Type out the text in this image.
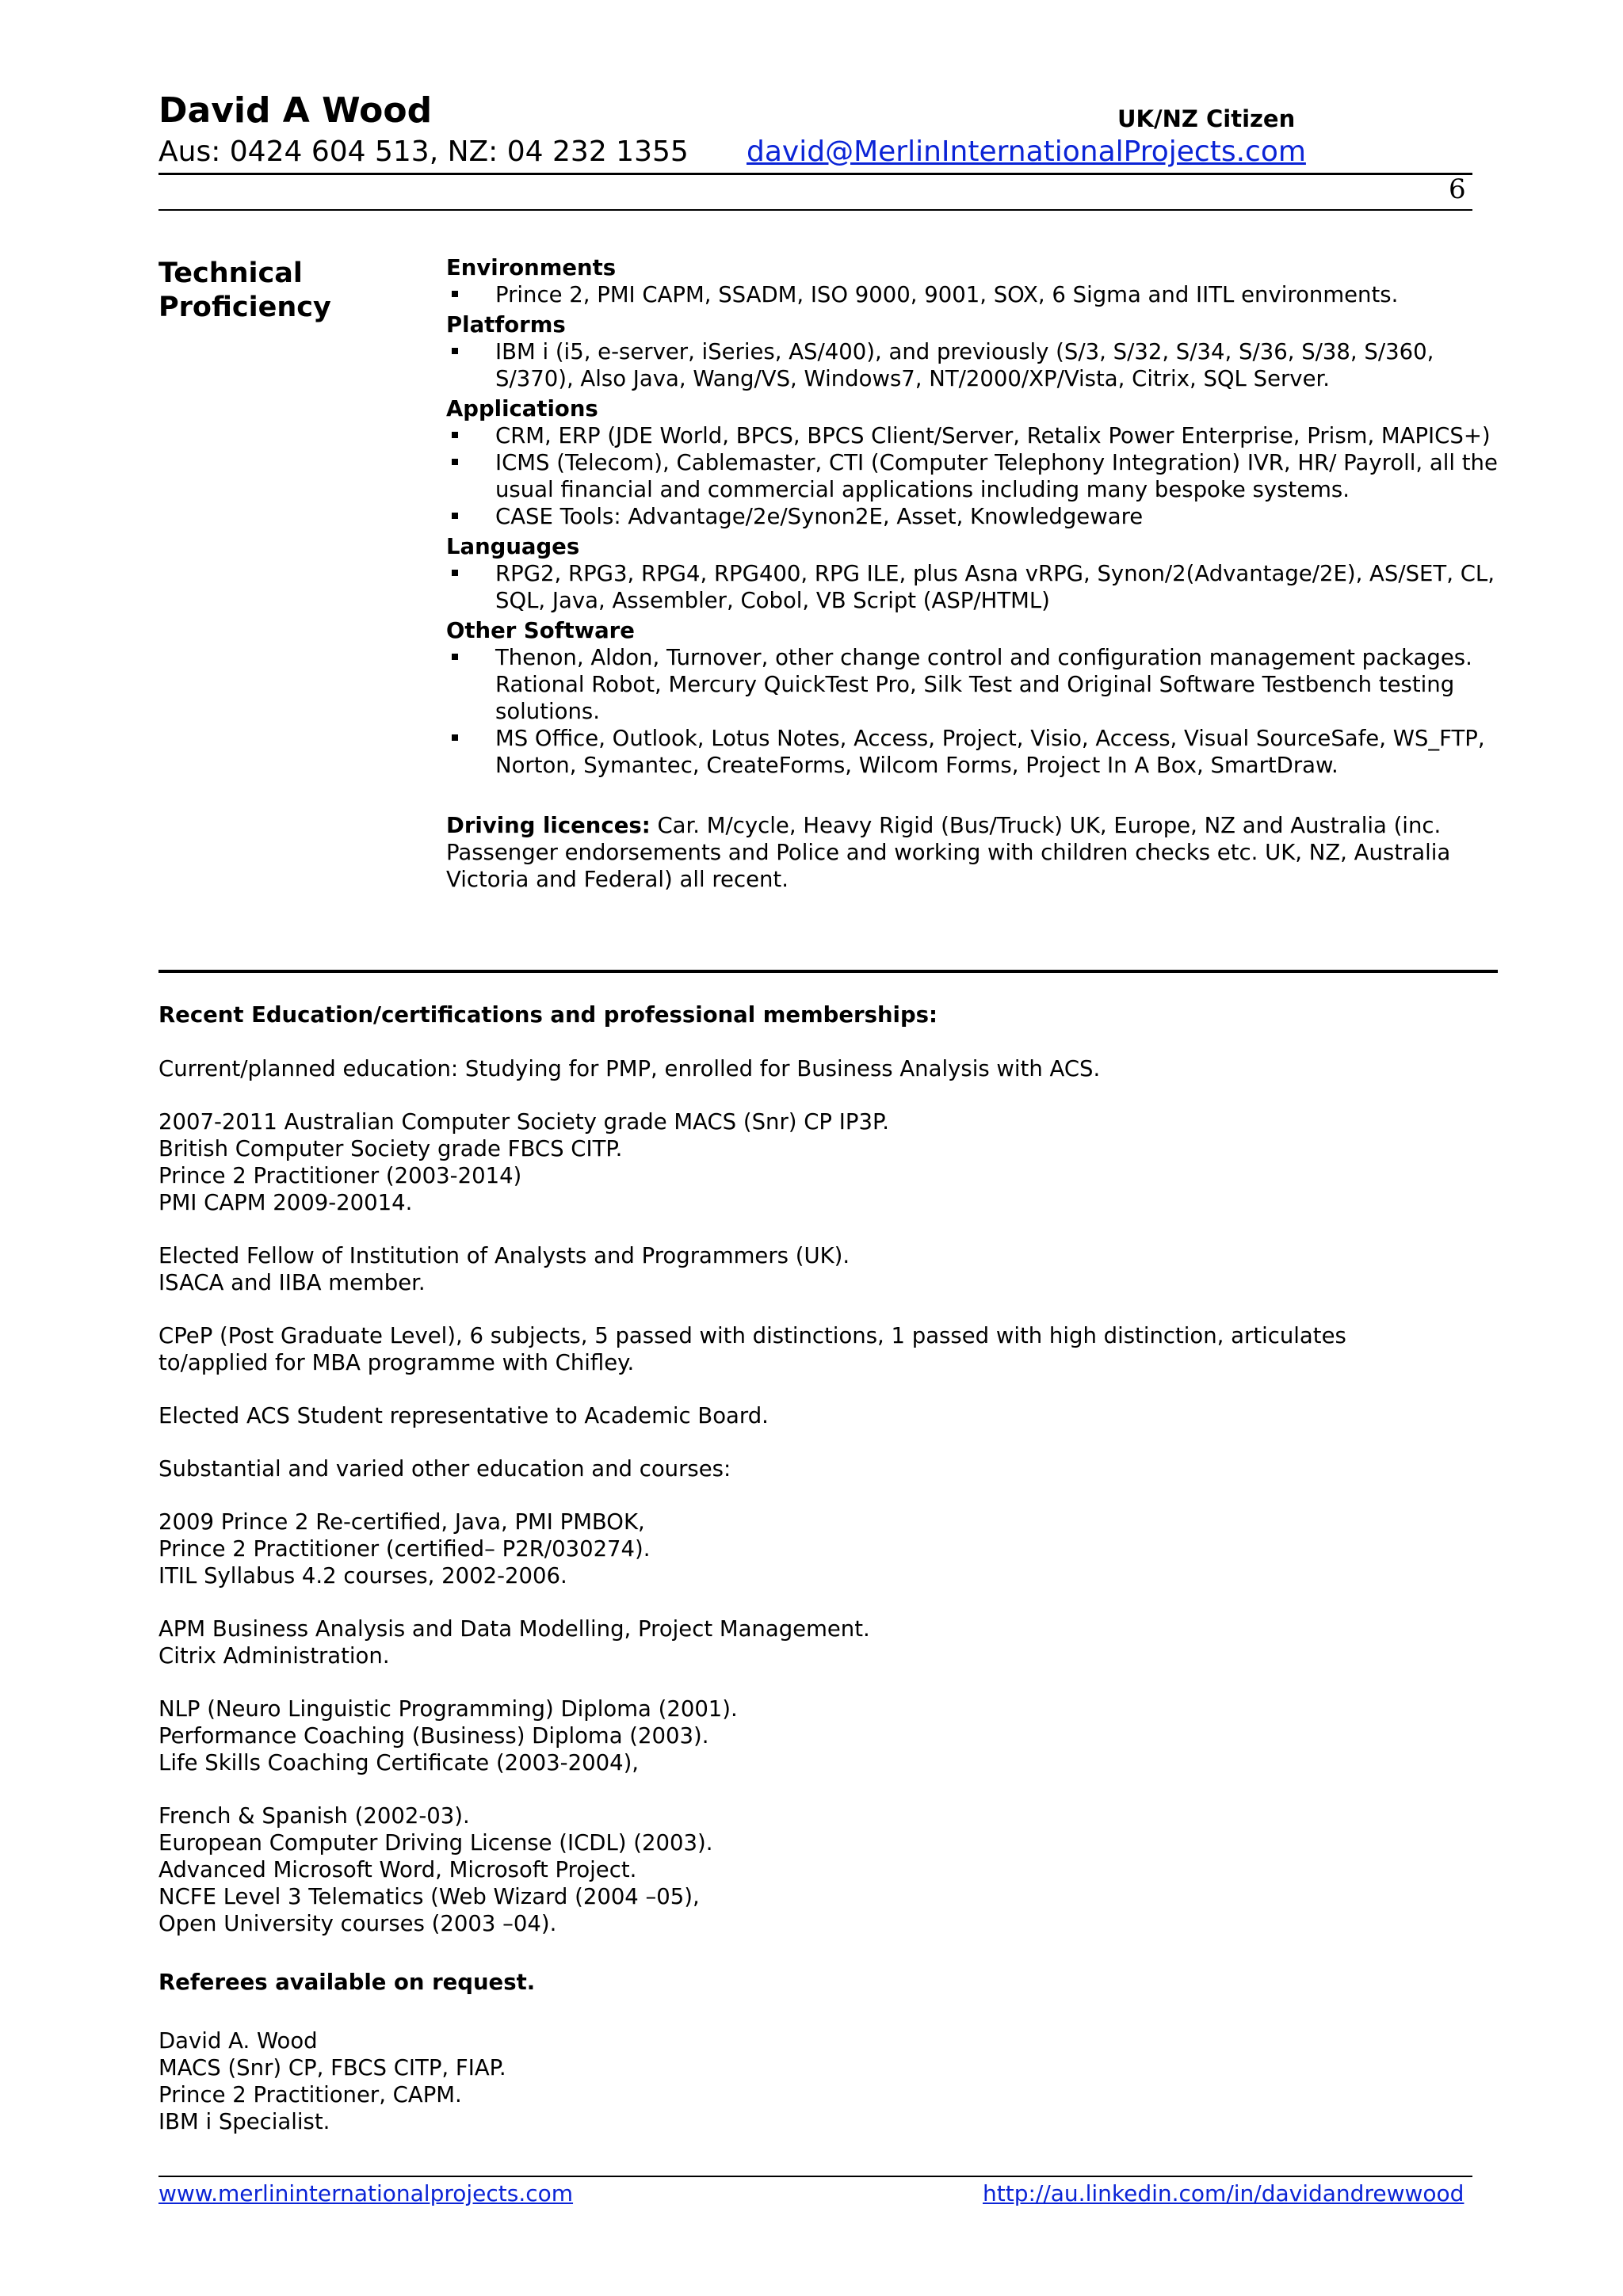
David A Wood	UK/NZ Citizen
Aus: 0424 604 513, NZ: 04 232 1355 david@MerlinInternationalProjects.com
6
Technical
Proficiency
Environments
Prince 2, PMI CAPM, SSADM, ISO 9000, 9001, SOX, 6 Sigma and IITL environments.
Platforms
IBM i (i5, e-server, iSeries, AS/400), and previously (S/3, S/32, S/34, S/36, S/38, S/360, S/370), Also Java, Wang/VS, Windows7, NT/2000/XP/Vista, Citrix, SQL Server.
Applications
CRM, ERP (JDE World, BPCS, BPCS Client/Server, Retalix Power Enterprise, Prism, MAPICS+)
ICMS (Telecom), Cablemaster, CTI (Computer Telephony Integration) IVR, HR/ Payroll, all the usual financial and commercial applications including many bespoke systems.
CASE Tools: Advantage/2e/Synon2E, Asset, Knowledgeware
Languages
RPG2, RPG3, RPG4, RPG400, RPG ILE, plus Asna vRPG, Synon/2(Advantage/2E), AS/SET, CL, SQL, Java, Assembler, Cobol, VB Script (ASP/HTML)
Other Software
Thenon, Aldon, Turnover, other change control and configuration management packages. Rational Robot, Mercury QuickTest Pro, Silk Test and Original Software Testbench testing solutions.
MS Office, Outlook, Lotus Notes, Access, Project, Visio, Access, Visual SourceSafe, WS_FTP, Norton, Symantec, CreateForms, Wilcom Forms, Project In A Box, SmartDraw.
Driving licences: Car. M/cycle, Heavy Rigid (Bus/Truck) UK, Europe, NZ and Australia (inc. Passenger endorsements and Police and working with children checks etc. UK, NZ, Australia Victoria and Federal) all recent.

Recent Education/certifications and professional memberships:

Current/planned education: Studying for PMP, enrolled for Business Analysis with ACS.

2007-2011 Australian Computer Society grade MACS (Snr) CP IP3P.
British Computer Society grade FBCS CITP.
Prince 2 Practitioner (2003-2014)
PMI CAPM 2009-20014.

Elected Fellow of Institution of Analysts and Programmers (UK).
ISACA and IIBA member.

CPeP (Post Graduate Level), 6 subjects, 5 passed with distinctions, 1 passed with high distinction, articulates
to/applied for MBA programme with Chifley.

Elected ACS Student representative to Academic Board.

Substantial and varied other education and courses:

2009 Prince 2 Re-certified, Java, PMI PMBOK,
Prince 2 Practitioner (certified– P2R/030274).
ITIL Syllabus 4.2 courses, 2002-2006.

APM Business Analysis and Data Modelling, Project Management.
Citrix Administration.

NLP (Neuro Linguistic Programming) Diploma (2001).
Performance Coaching (Business) Diploma (2003).
Life Skills Coaching Certificate (2003-2004),

French & Spanish (2002-03).
European Computer Driving License (ICDL) (2003).
Advanced Microsoft Word, Microsoft Project.
NCFE Level 3 Telematics (Web Wizard (2004 –05),
Open University courses (2003 –04).

Referees available on request.

David A. Wood
MACS (Snr) CP, FBCS CITP, FIAP.
Prince 2 Practitioner, CAPM.
IBM i Specialist.
www.merlininternationalprojects.com	http://au.linkedin.com/in/davidandrewwood
